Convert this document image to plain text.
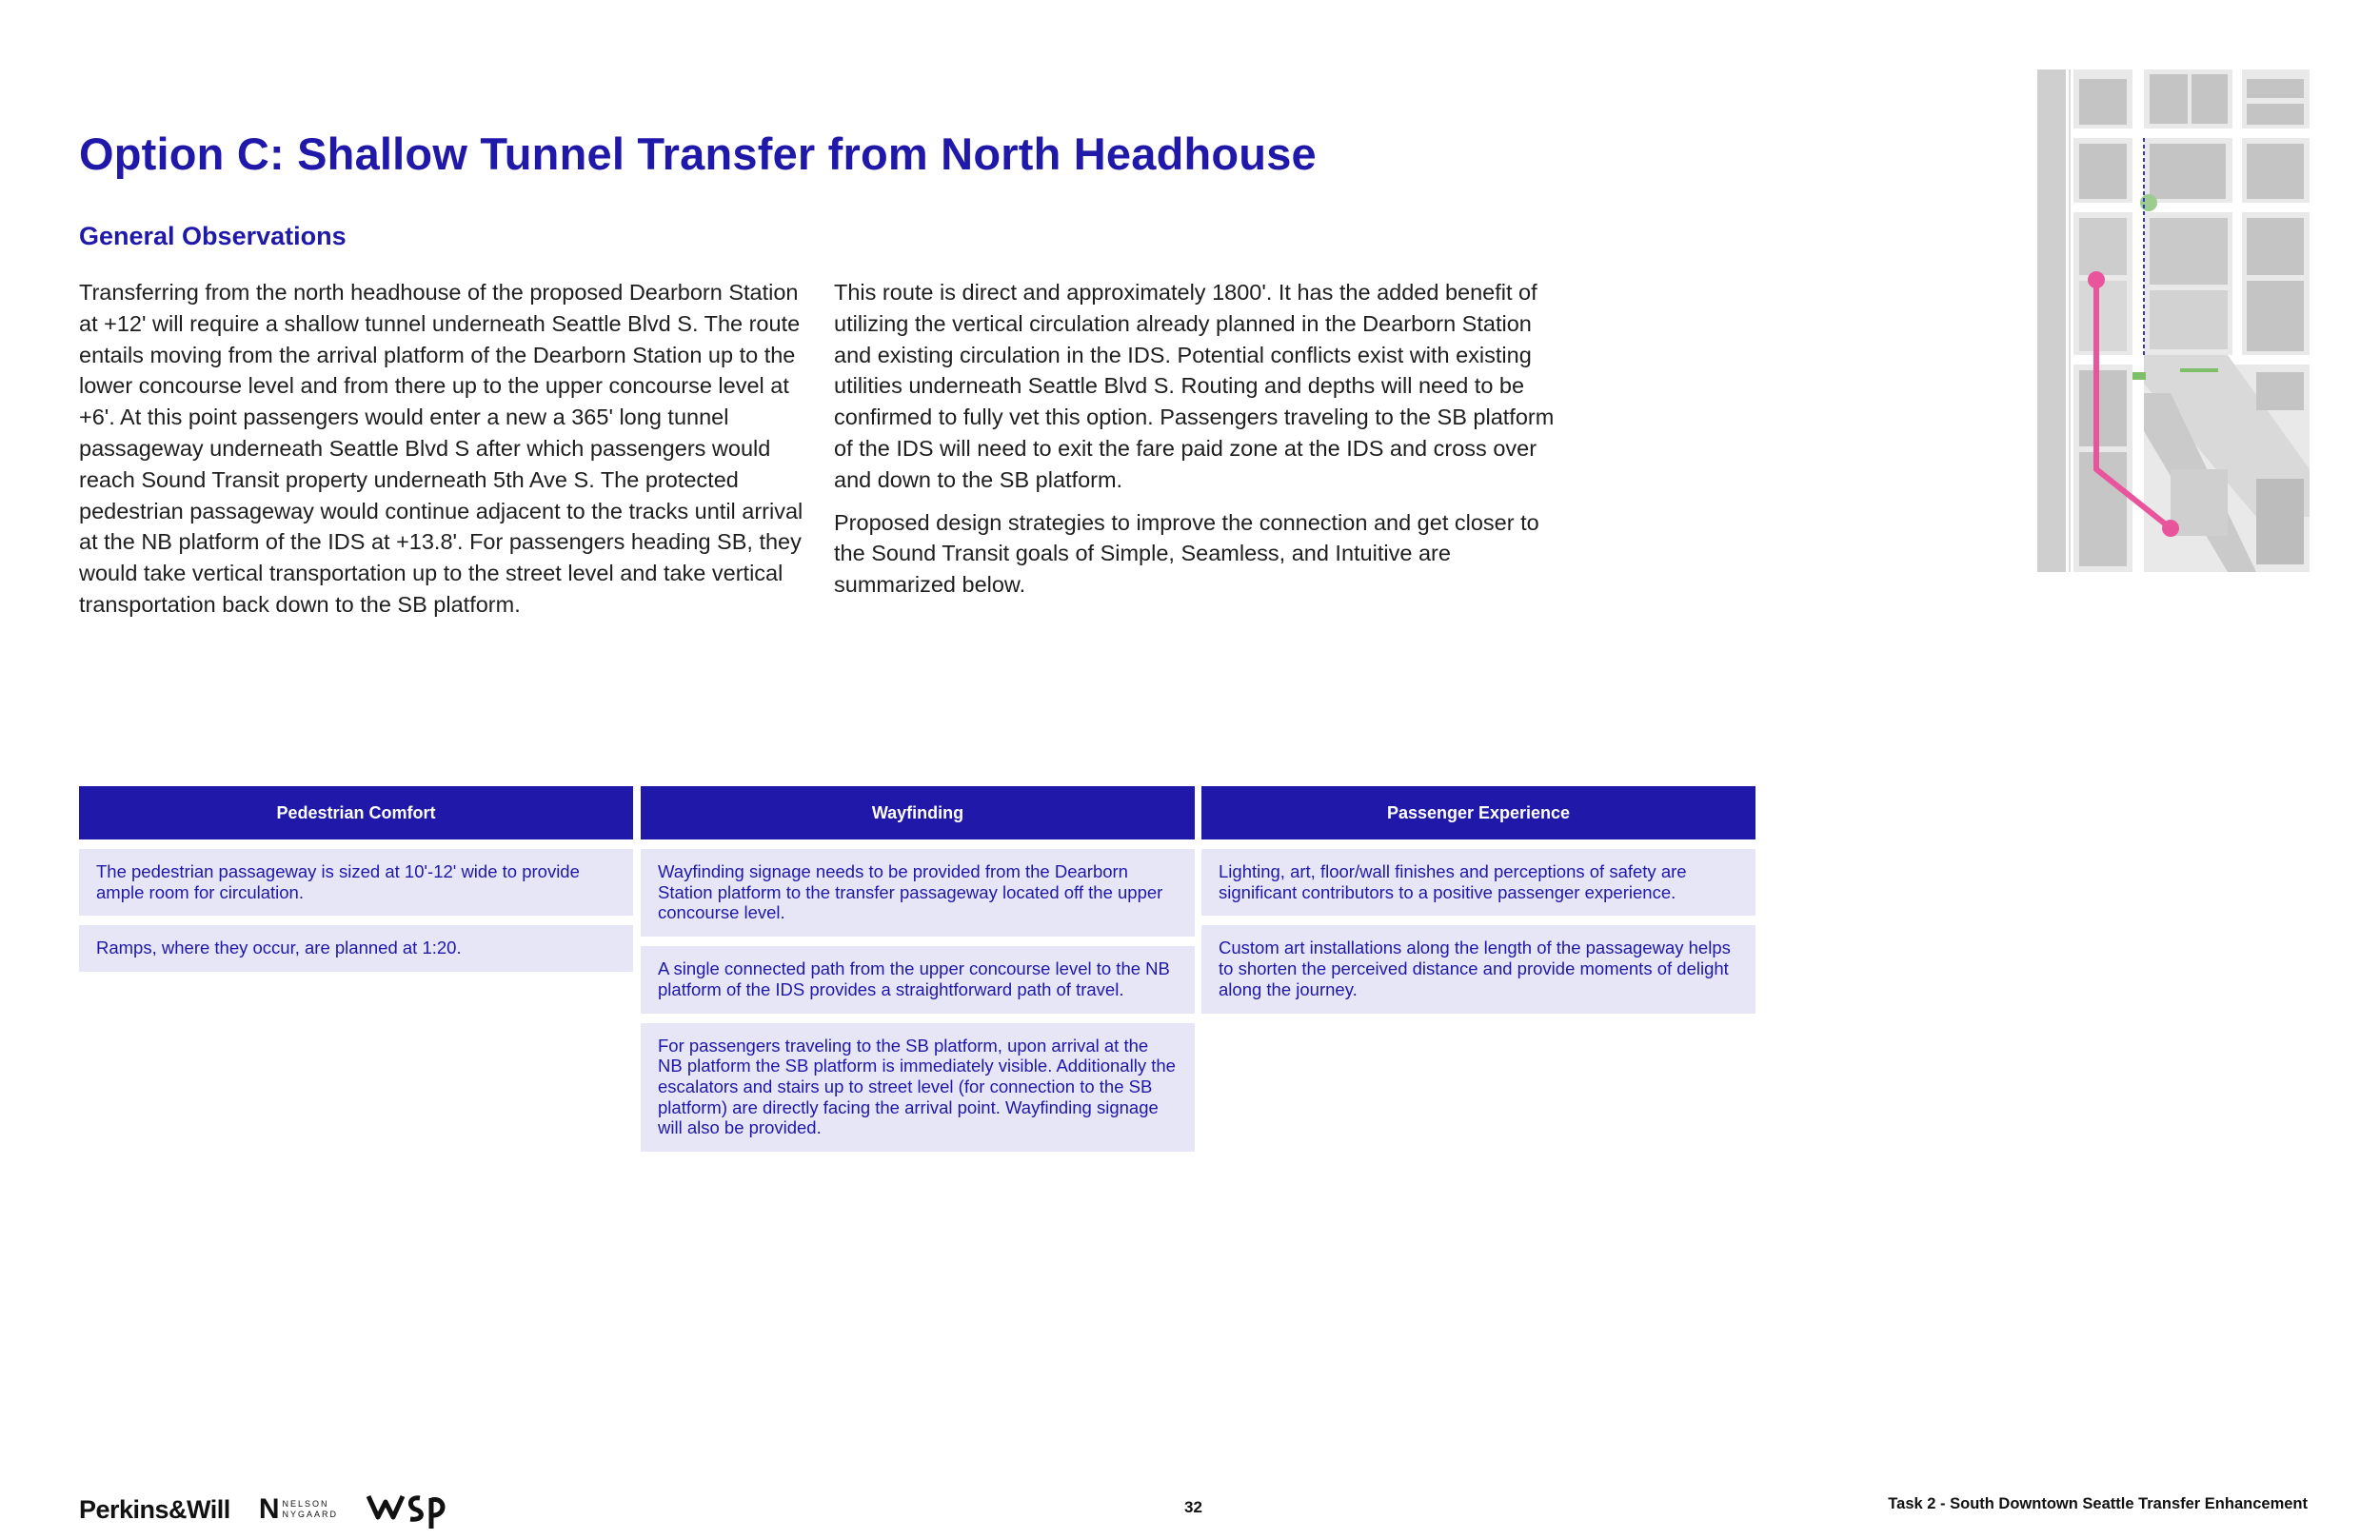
Option C: Shallow Tunnel Transfer from North Headhouse
General Observations

Transferring from the north headhouse of the proposed Dearborn Station at +12' will require a shallow tunnel underneath Seattle Blvd S. The route entails moving from the arrival platform of the Dearborn Station up to the lower concourse level and from there up to the upper concourse level at +6'. At this point passengers would enter a new a 365' long tunnel passageway underneath Seattle Blvd S after which passengers would reach Sound Transit property underneath 5th Ave S. The protected pedestrian passageway would continue adjacent to the tracks until arrival at the NB platform of the IDS at +13.8'. For passengers heading SB, they would take vertical transportation up to the street level and take vertical transportation back down to the SB platform.

This route is direct and approximately 1800'. It has the added benefit of utilizing the vertical circulation already planned in the Dearborn Station and existing circulation in the IDS. Potential conflicts exist with existing utilities underneath Seattle Blvd S. Routing and depths will need to be confirmed to fully vet this option. Passengers traveling to the SB platform of the IDS will need to exit the fare paid zone at the IDS and cross over and down to the SB platform.

Proposed design strategies to improve the connection and get closer to the Sound Transit goals of Simple, Seamless, and Intuitive are summarized below.

Pedestrian Comfort
The pedestrian passageway is sized at 10'-12' wide to provide ample room for circulation.
Ramps, where they occur, are planned at 1:20.
Wayfinding
Wayfinding signage needs to be provided from the Dearborn Station platform to the transfer passageway located off the upper concourse level.
A single connected path from the upper concourse level to the NB platform of the IDS provides a straightforward path of travel.
For passengers traveling to the SB platform, upon arrival at the NB platform the SB platform is immediately visible. Additionally the escalators and stairs up to street level (for connection to the SB platform) are directly facing the arrival point. Wayfinding signage will also be provided.
Passenger Experience
Lighting, art, floor/wall finishes and perceptions of safety are significant contributors to a positive passenger experience.
Custom art installations along the length of the passageway helps to shorten the perceived distance and provide moments of delight along the journey.
Perkins&Will N NELSON
NYGAARD	32	Task 2 - South Downtown Seattle Transfer Enhancement
